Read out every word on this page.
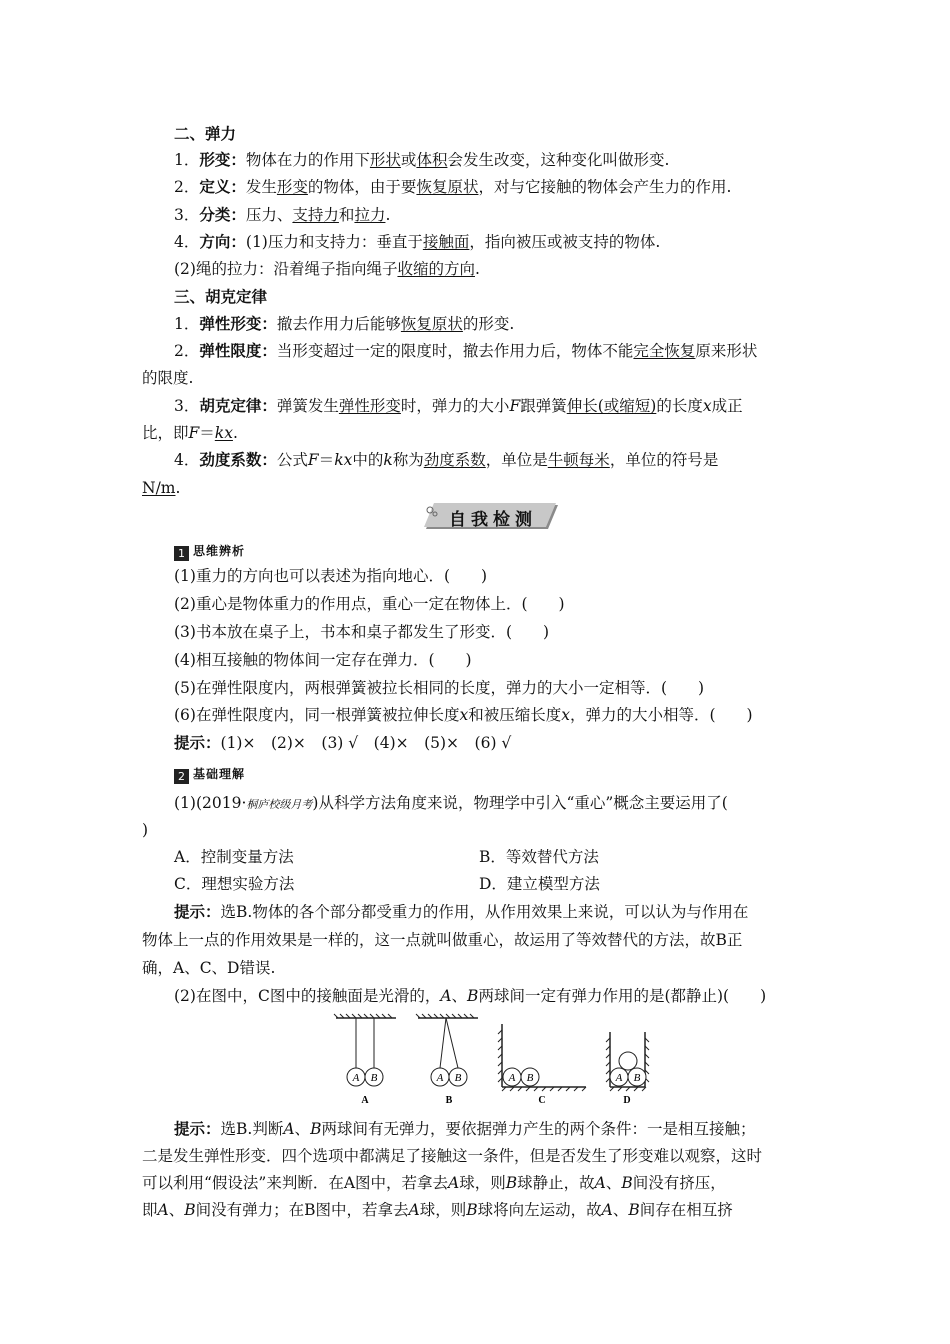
二、弹力
1．形变：物体在力的作用下形状或体积会发生改变，这种变化叫做形变.
2．定义：发生形变的物体，由于要恢复原状，对与它接触的物体会产生力的作用.
3．分类：压力、支持力和拉力.
4．方向：(1)压力和支持力：垂直于接触面，指向被压或被支持的物体.
(2)绳的拉力：沿着绳子指向绳子收缩的方向.
三、胡克定律
1．弹性形变：撤去作用力后能够恢复原状的形变.
2．弹性限度：当形变超过一定的限度时，撤去作用力后，物体不能完全恢复原来形状
的限度.
3．胡克定律：弹簧发生弹性形变时，弹力的大小F跟弹簧伸长(或缩短)的长度x成正
比，即F＝kx.
4．劲度系数：公式F＝kx中的k称为劲度系数，单位是牛顿每米，单位的符号是
N/m.
自我检测
1 思维辨析
(1)重力的方向也可以表述为指向地心．(　　)
(2)重心是物体重力的作用点，重心一定在物体上．(　　)
(3)书本放在桌子上，书本和桌子都发生了形变．(　　)
(4)相互接触的物体间一定存在弹力．(　　)
(5)在弹性限度内，两根弹簧被拉长相同的长度，弹力的大小一定相等．(　　)
(6)在弹性限度内，同一根弹簧被拉伸长度x和被压缩长度x，弹力的大小相等．(　　)
提示：(1)×　(2)×　(3) √　(4)×　(5)×　(6) √
2 基础理解
(1)(2019·桐庐校级月考)从科学方法角度来说，物理学中引入“重心”概念主要运用了(
)
A．控制变量方法	B．等效替代方法
C．理想实验方法	D．建立模型方法
提示：选B.物体的各个部分都受重力的作用，从作用效果上来说，可以认为与作用在
物体上一点的作用效果是一样的，这一点就叫做重心，故运用了等效替代的方法，故B正
确，A、C、D错误.
(2)在图中，C图中的接触面是光滑的，A、B两球间一定有弹力作用的是(都静止)(　　)
A B
A
A B
B
A B
C
A B
D
提示：选B.判断A、B两球间有无弹力，要依据弹力产生的两个条件：一是相互接触；
二是发生弹性形变．四个选项中都满足了接触这一条件，但是否发生了形变难以观察，这时
可以利用“假设法”来判断．在A图中，若拿去A球，则B球静止，故A、B间没有挤压，
即A、B间没有弹力；在B图中，若拿去A球，则B球将向左运动，故A、B间存在相互挤
